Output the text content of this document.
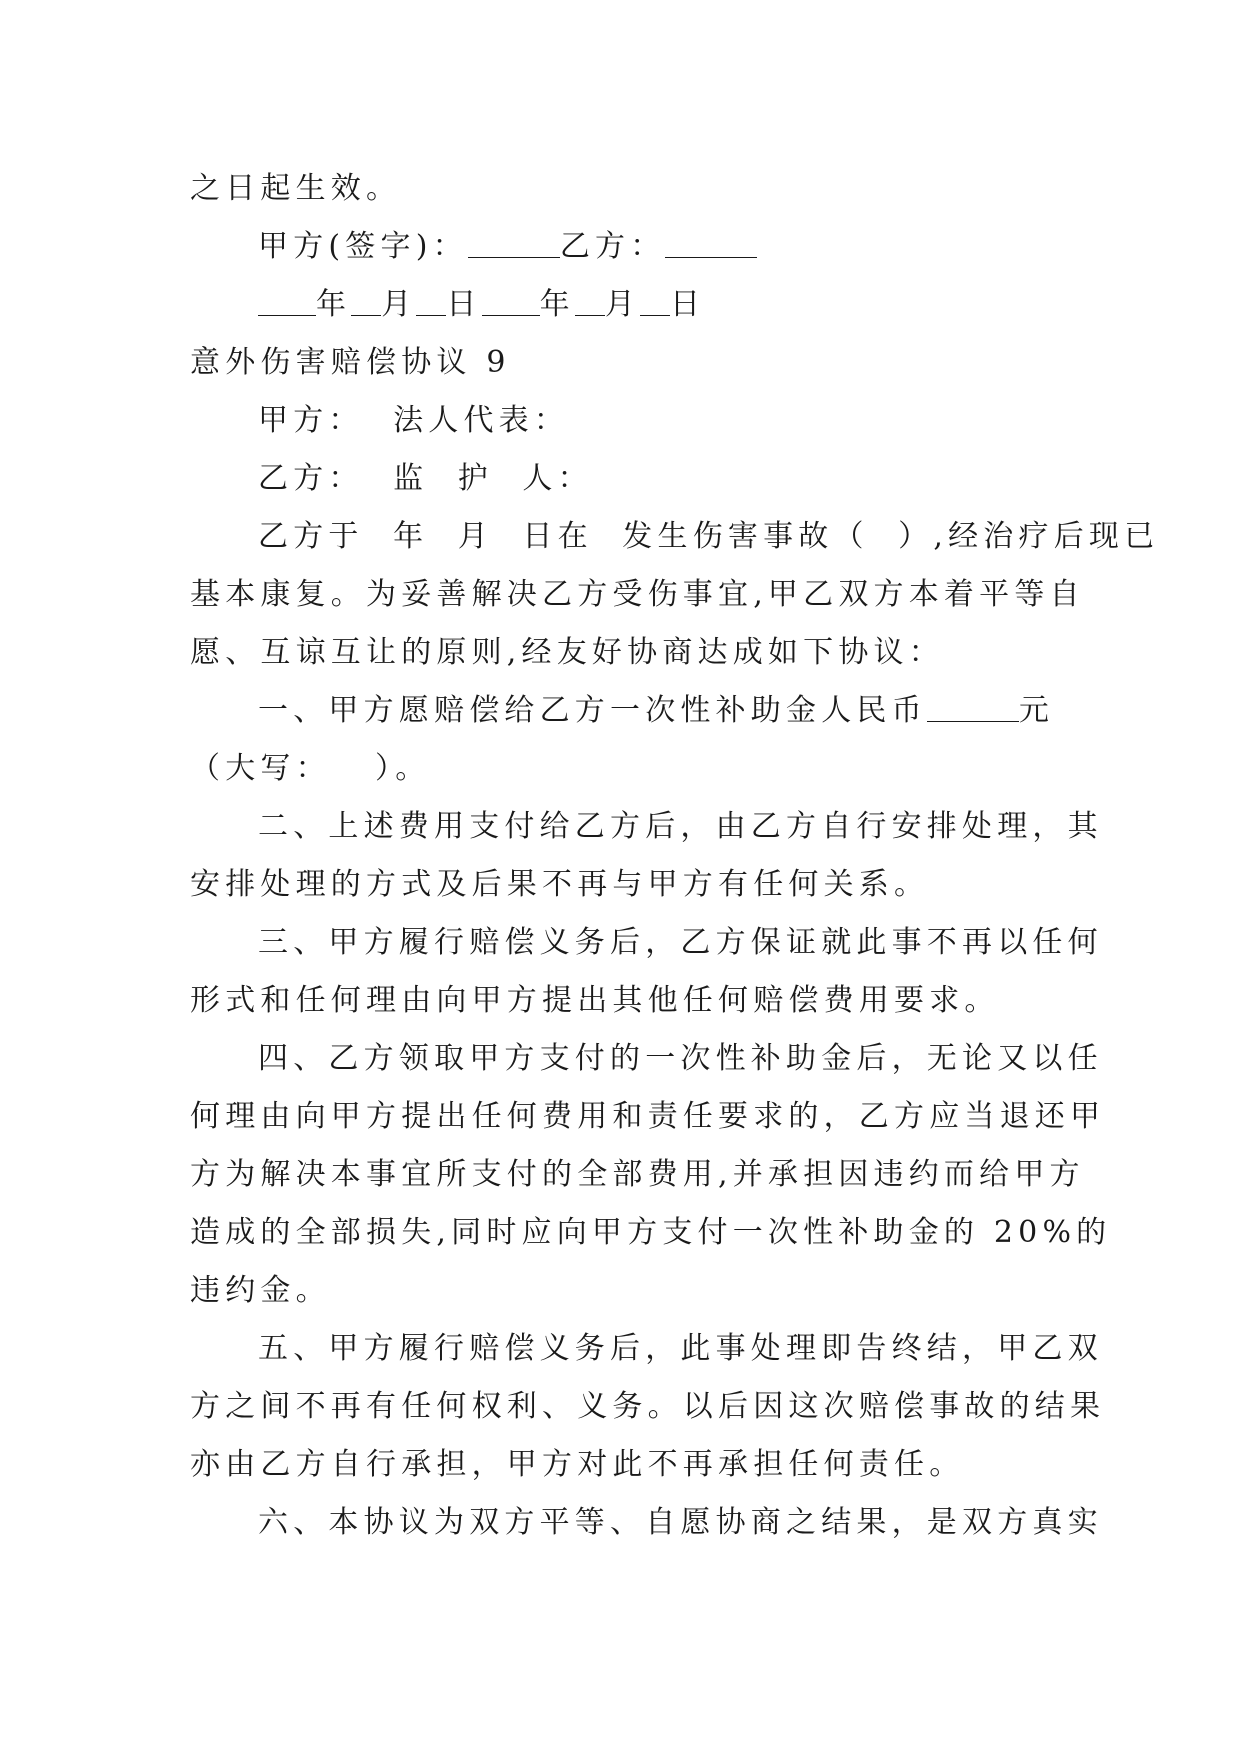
之日起生效。
甲方(签字)：	乙方：
年 月 日 年 月 日
意外伤害赔偿协议 9
甲方：  法人代表：
乙方：  监  护  人：
乙方于  年  月  日在  发生伤害事故（  ）,经治疗后现已
基本康复。为妥善解决乙方受伤事宜,甲乙双方本着平等自
愿、互谅互让的原则,经友好协商达成如下协议：
一、甲方愿赔偿给乙方一次性补助金人民币	元
（大写：   ）。
二、上述费用支付给乙方后，由乙方自行安排处理，其
安排处理的方式及后果不再与甲方有任何关系。
三、甲方履行赔偿义务后，乙方保证就此事不再以任何
形式和任何理由向甲方提出其他任何赔偿费用要求。
四、乙方领取甲方支付的一次性补助金后，无论又以任
何理由向甲方提出任何费用和责任要求的，乙方应当退还甲
方为解决本事宜所支付的全部费用,并承担因违约而给甲方
造成的全部损失,同时应向甲方支付一次性补助金的 20%的
违约金。
五、甲方履行赔偿义务后，此事处理即告终结，甲乙双
方之间不再有任何权利、义务。以后因这次赔偿事故的结果
亦由乙方自行承担，甲方对此不再承担任何责任。
六、本协议为双方平等、自愿协商之结果，是双方真实
